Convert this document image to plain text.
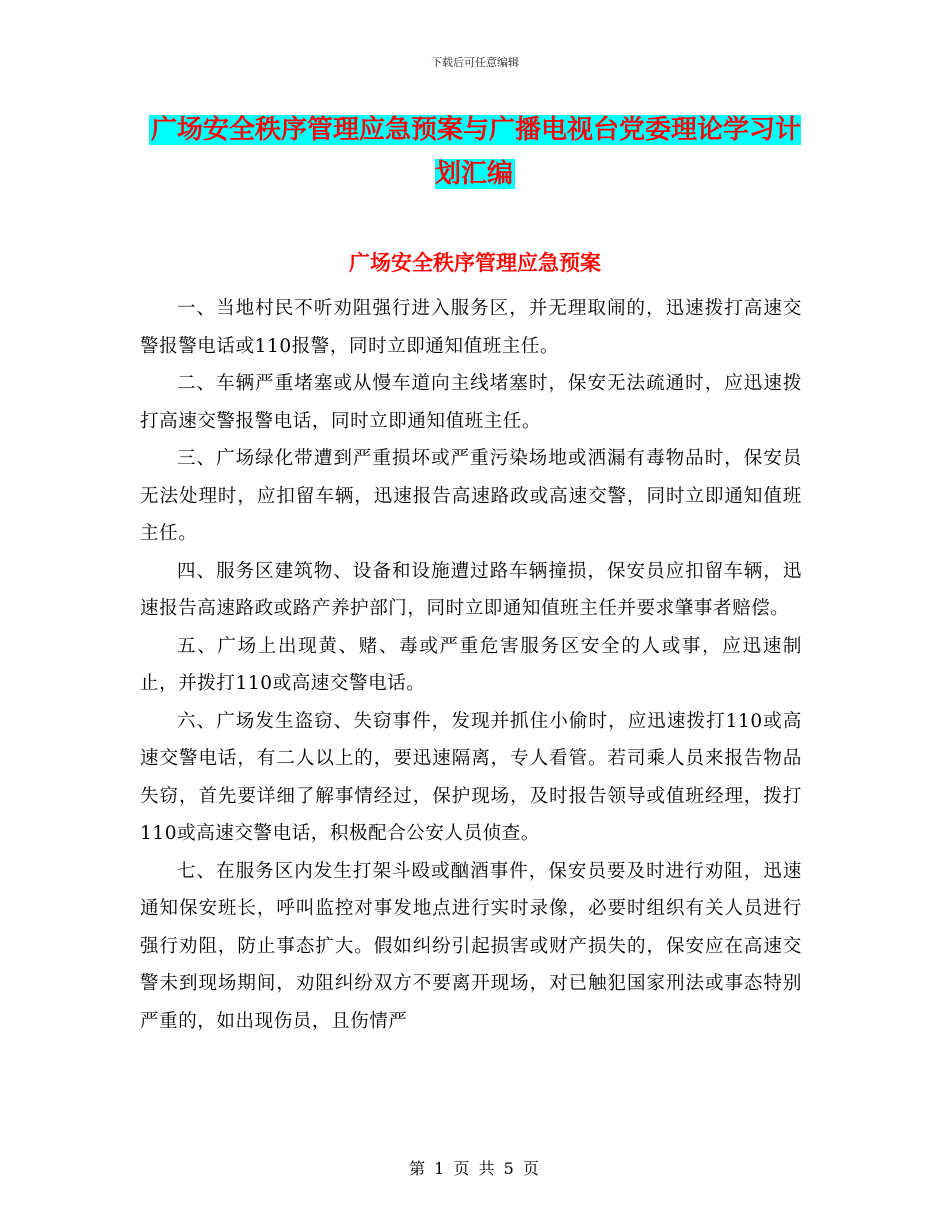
下载后可任意编辑
广场安全秩序管理应急预案与广播电视台党委理论学习计划汇编
广场安全秩序管理应急预案

一、当地村民不听劝阻强行进入服务区，并无理取闹的，迅速拨打高速交警报警电话或110报警，同时立即通知值班主任。

二、车辆严重堵塞或从慢车道向主线堵塞时，保安无法疏通时，应迅速拨打高速交警报警电话，同时立即通知值班主任。

三、广场绿化带遭到严重损坏或严重污染场地或洒漏有毒物品时，保安员无法处理时，应扣留车辆，迅速报告高速路政或高速交警，同时立即通知值班主任。

四、服务区建筑物、设备和设施遭过路车辆撞损，保安员应扣留车辆，迅速报告高速路政或路产养护部门，同时立即通知值班主任并要求肇事者赔偿。

五、广场上出现黄、赌、毒或严重危害服务区安全的人或事，应迅速制止，并拨打110或高速交警电话。

六、广场发生盗窃、失窃事件，发现并抓住小偷时，应迅速拨打110或高速交警电话，有二人以上的，要迅速隔离，专人看管。若司乘人员来报告物品失窃，首先要详细了解事情经过，保护现场，及时报告领导或值班经理，拨打110或高速交警电话，积极配合公安人员侦查。

七、在服务区内发生打架斗殴或酗酒事件，保安员要及时进行劝阻，迅速通知保安班长，呼叫监控对事发地点进行实时录像，必要时组织有关人员进行强行劝阻，防止事态扩大。假如纠纷引起损害或财产损失的，保安应在高速交警未到现场期间，劝阻纠纷双方不要离开现场，对已触犯国家刑法或事态特别严重的，如出现伤员，且伤情严

第 1 页 共 5 页
